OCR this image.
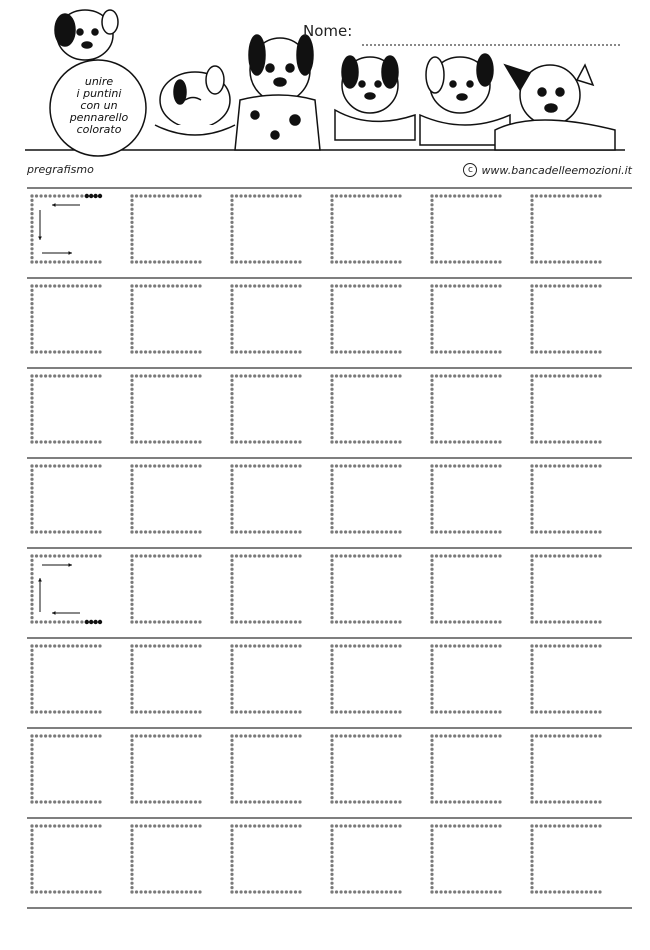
unire
i puntini
con un
pennarello
colorato
Nome:
pregrafismo	c www.bancadelleemozioni.it
